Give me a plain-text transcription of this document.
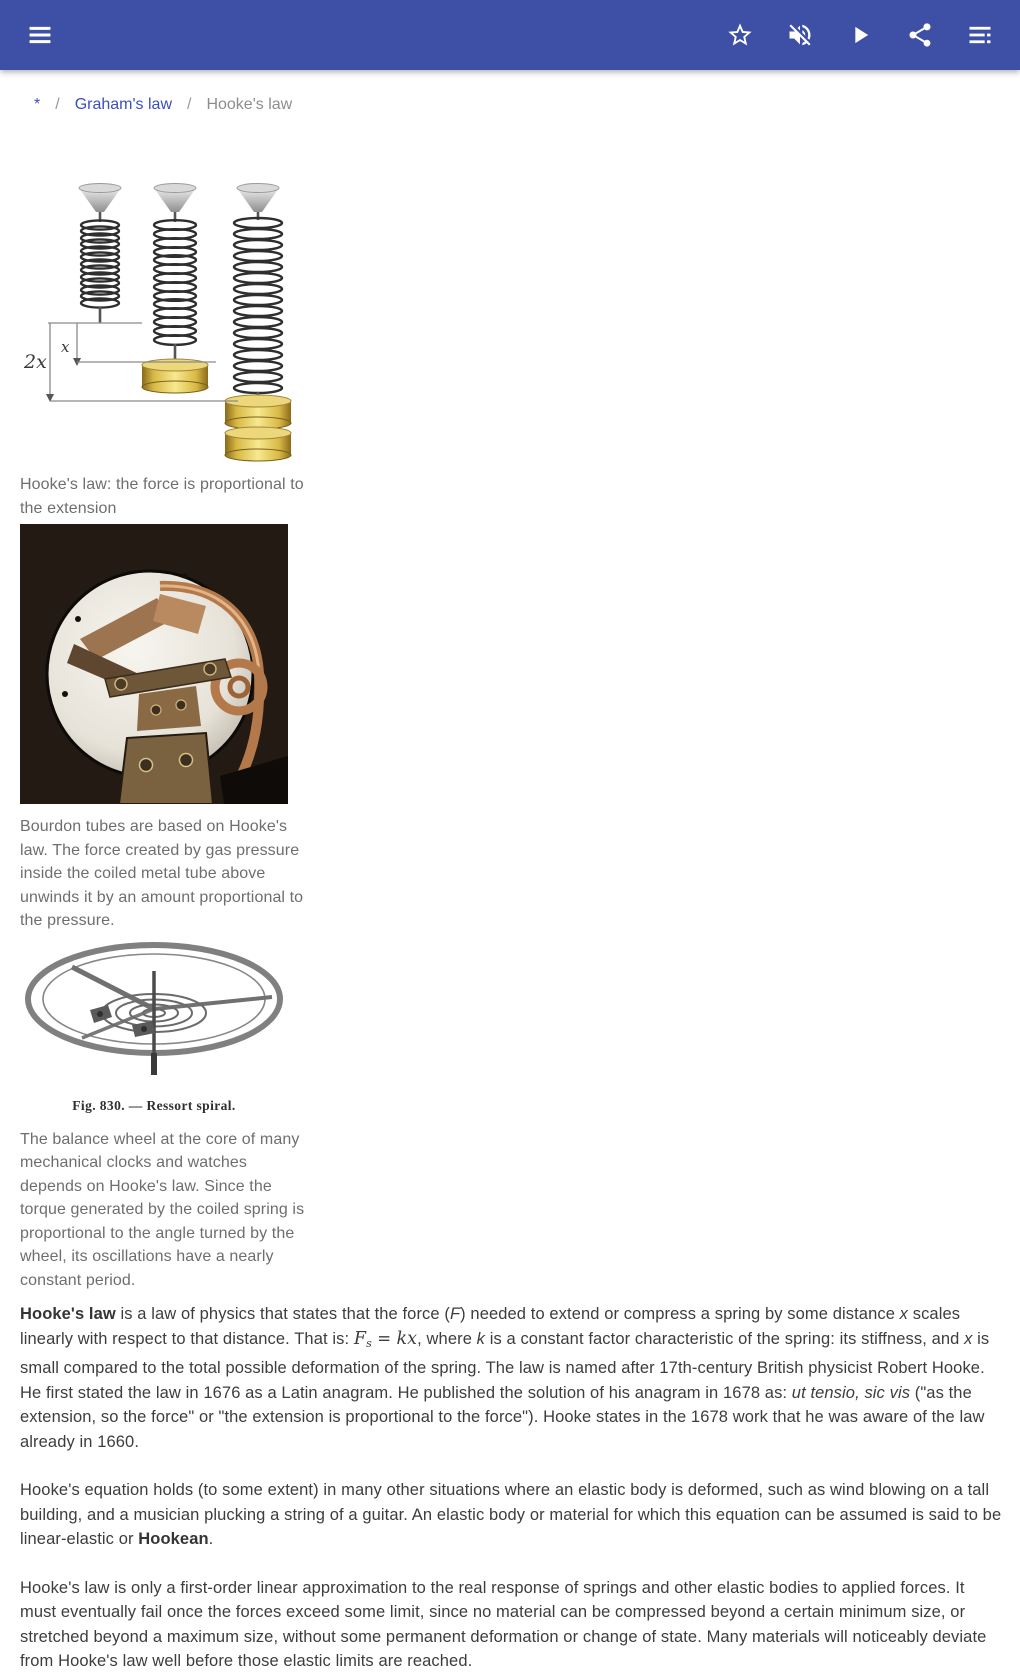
* / Graham's law / Hooke's law
x
2x
Hooke's law: the force is proportional to the extension
Bourdon tubes are based on Hooke's law. The force created by gas pressure inside the coiled metal tube above unwinds it by an amount proportional to the pressure.
Fig. 830. — Ressort spiral.
The balance wheel at the core of many mechanical clocks and watches depends on Hooke's law. Since the torque generated by the coiled spring is proportional to the angle turned by the wheel, its oscillations have a nearly constant period.

Hooke's law is a law of physics that states that the force (F) needed to extend or compress a spring by some distance x scales linearly with respect to that distance. That is: $F_s$ = kx, where k is a constant factor characteristic of the spring: its stiffness, and x is small compared to the total possible deformation of the spring. The law is named after 17th-century British physicist Robert Hooke. He first stated the law in 1676 as a Latin anagram. He published the solution of his anagram in 1678 as: ut tensio, sic vis ("as the extension, so the force" or "the extension is proportional to the force"). Hooke states in the 1678 work that he was aware of the law already in 1660.

Hooke's equation holds (to some extent) in many other situations where an elastic body is deformed, such as wind blowing on a tall building, and a musician plucking a string of a guitar. An elastic body or material for which this equation can be assumed is said to be linear-elastic or Hookean.

Hooke's law is only a first-order linear approximation to the real response of springs and other elastic bodies to applied forces. It must eventually fail once the forces exceed some limit, since no material can be compressed beyond a certain minimum size, or stretched beyond a maximum size, without some permanent deformation or change of state. Many materials will noticeably deviate from Hooke's law well before those elastic limits are reached.
